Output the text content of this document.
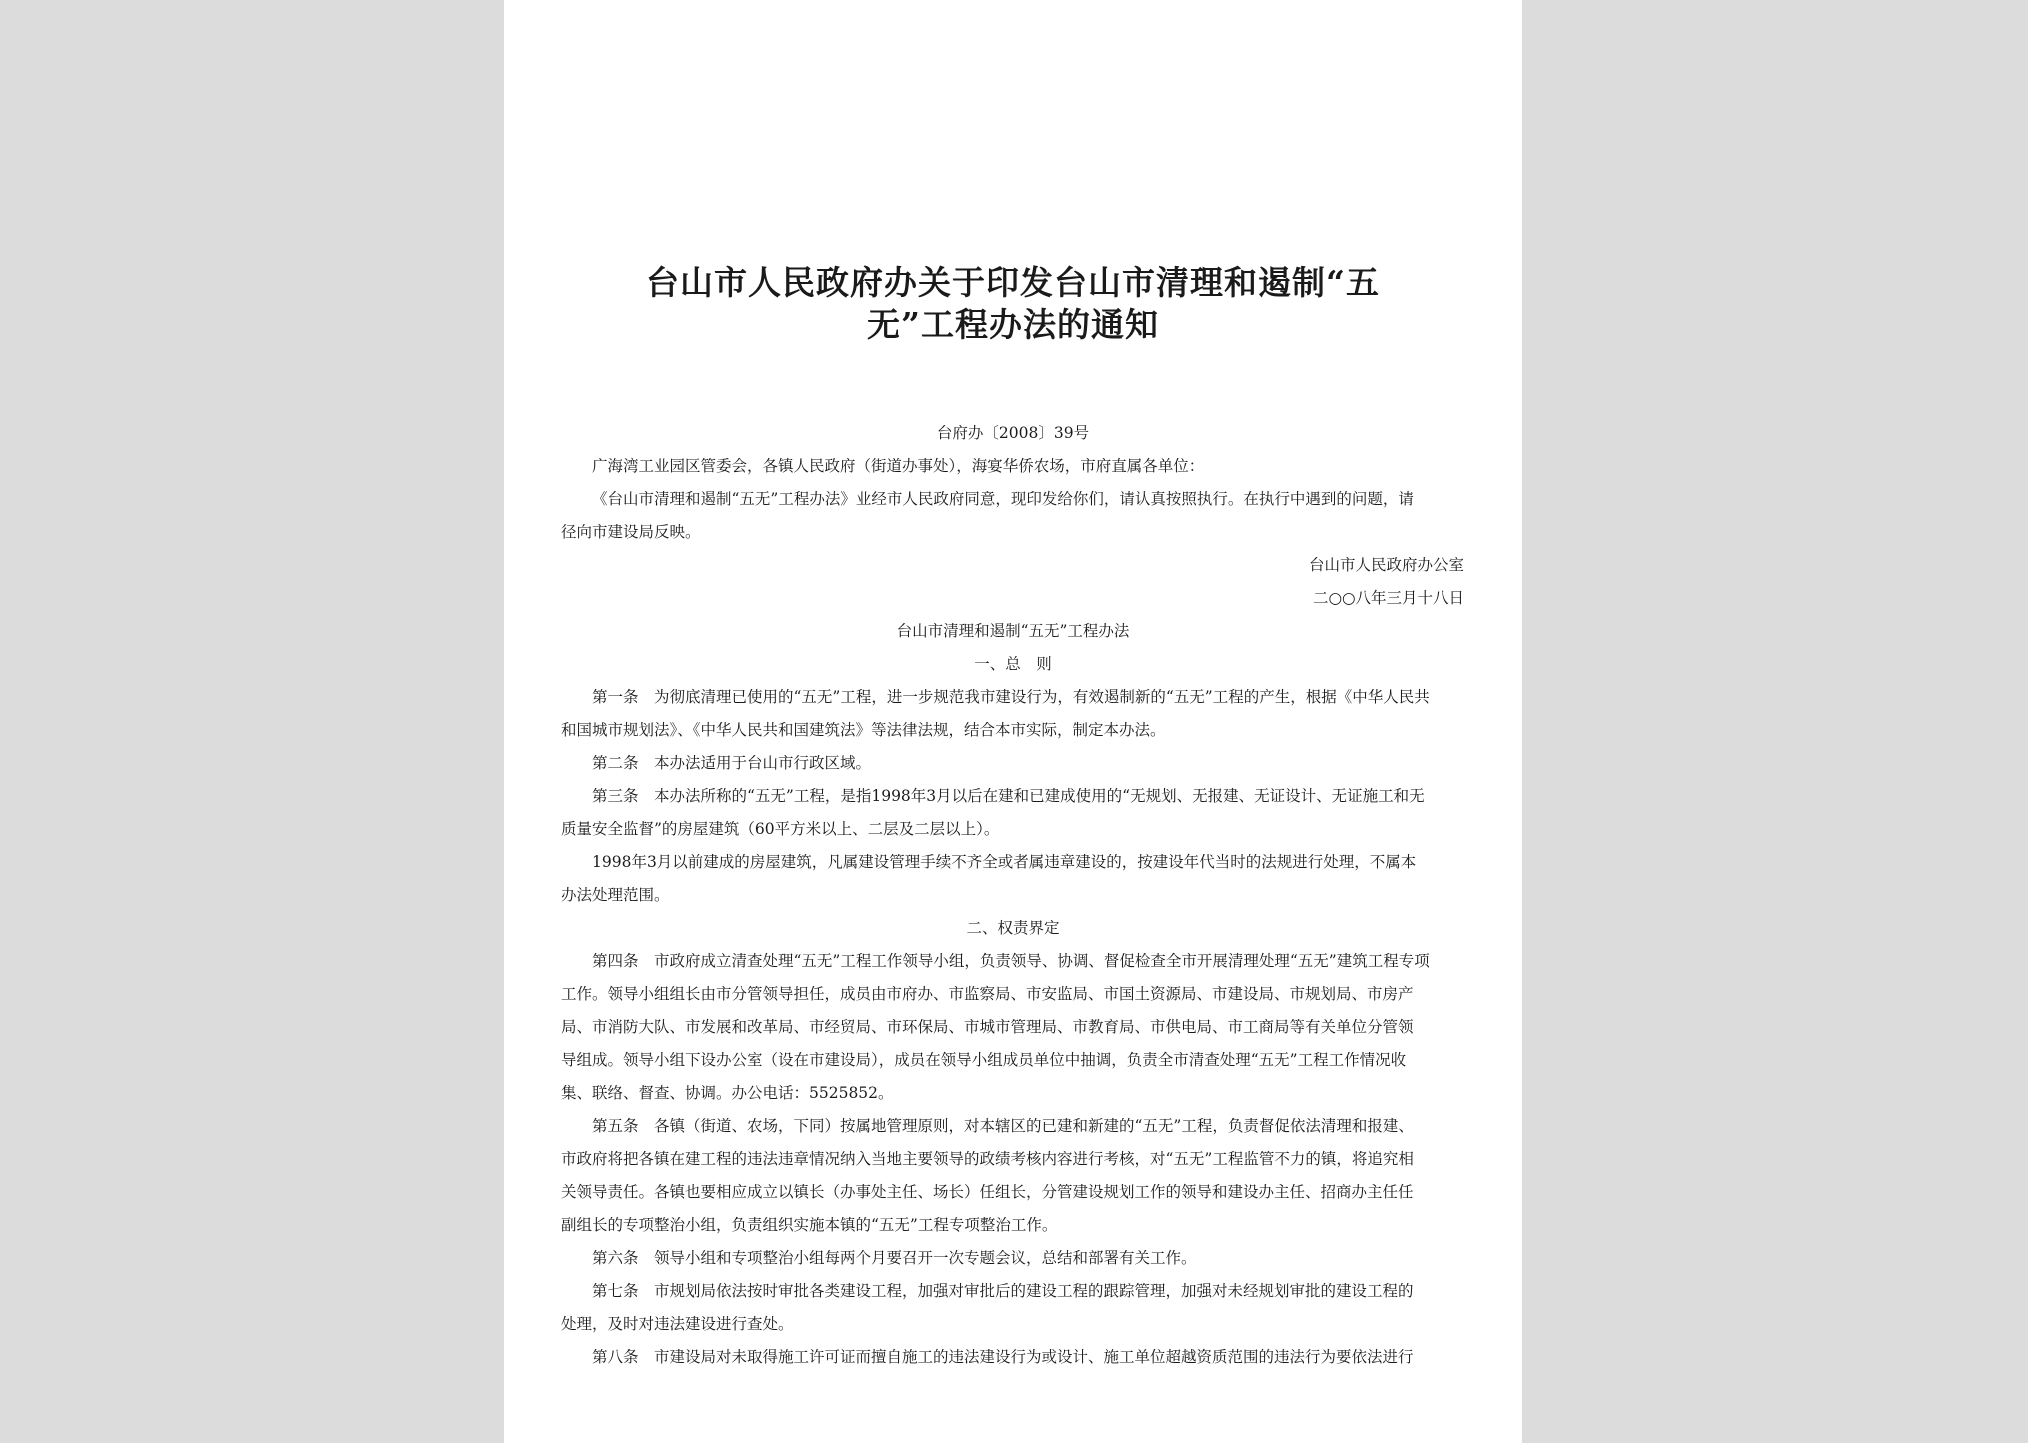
台山市人民政府办关于印发台山市清理和遏制“五
无”工程办法的通知
台府办〔2008〕39号
广海湾工业园区管委会，各镇人民政府（街道办事处），海宴华侨农场，市府直属各单位：
《台山市清理和遏制“五无”工程办法》业经市人民政府同意，现印发给你们，请认真按照执行。在执行中遇到的问题，请
径向市建设局反映。
台山市人民政府办公室
二○○八年三月十八日
台山市清理和遏制“五无”工程办法
一、总　则
第一条　为彻底清理已使用的“五无”工程，进一步规范我市建设行为，有效遏制新的“五无”工程的产生，根据《中华人民共
和国城市规划法》、《中华人民共和国建筑法》等法律法规，结合本市实际，制定本办法。
第二条　本办法适用于台山市行政区域。
第三条　本办法所称的“五无”工程，是指1998年3月以后在建和已建成使用的“无规划、无报建、无证设计、无证施工和无
质量安全监督”的房屋建筑（60平方米以上、二层及二层以上）。
1998年3月以前建成的房屋建筑，凡属建设管理手续不齐全或者属违章建设的，按建设年代当时的法规进行处理，不属本
办法处理范围。
二、权责界定
第四条　市政府成立清查处理“五无”工程工作领导小组，负责领导、协调、督促检查全市开展清理处理“五无”建筑工程专项
工作。领导小组组长由市分管领导担任，成员由市府办、市监察局、市安监局、市国土资源局、市建设局、市规划局、市房产
局、市消防大队、市发展和改革局、市经贸局、市环保局、市城市管理局、市教育局、市供电局、市工商局等有关单位分管领
导组成。领导小组下设办公室（设在市建设局），成员在领导小组成员单位中抽调，负责全市清查处理“五无”工程工作情况收
集、联络、督查、协调。办公电话：5525852。
第五条　各镇（街道、农场，下同）按属地管理原则，对本辖区的已建和新建的“五无”工程，负责督促依法清理和报建、
市政府将把各镇在建工程的违法违章情况纳入当地主要领导的政绩考核内容进行考核，对“五无”工程监管不力的镇，将追究相
关领导责任。各镇也要相应成立以镇长（办事处主任、场长）任组长，分管建设规划工作的领导和建设办主任、招商办主任任
副组长的专项整治小组，负责组织实施本镇的“五无”工程专项整治工作。
第六条　领导小组和专项整治小组每两个月要召开一次专题会议，总结和部署有关工作。
第七条　市规划局依法按时审批各类建设工程，加强对审批后的建设工程的跟踪管理，加强对未经规划审批的建设工程的
处理，及时对违法建设进行查处。
第八条　市建设局对未取得施工许可证而擅自施工的违法建设行为或设计、施工单位超越资质范围的违法行为要依法进行
